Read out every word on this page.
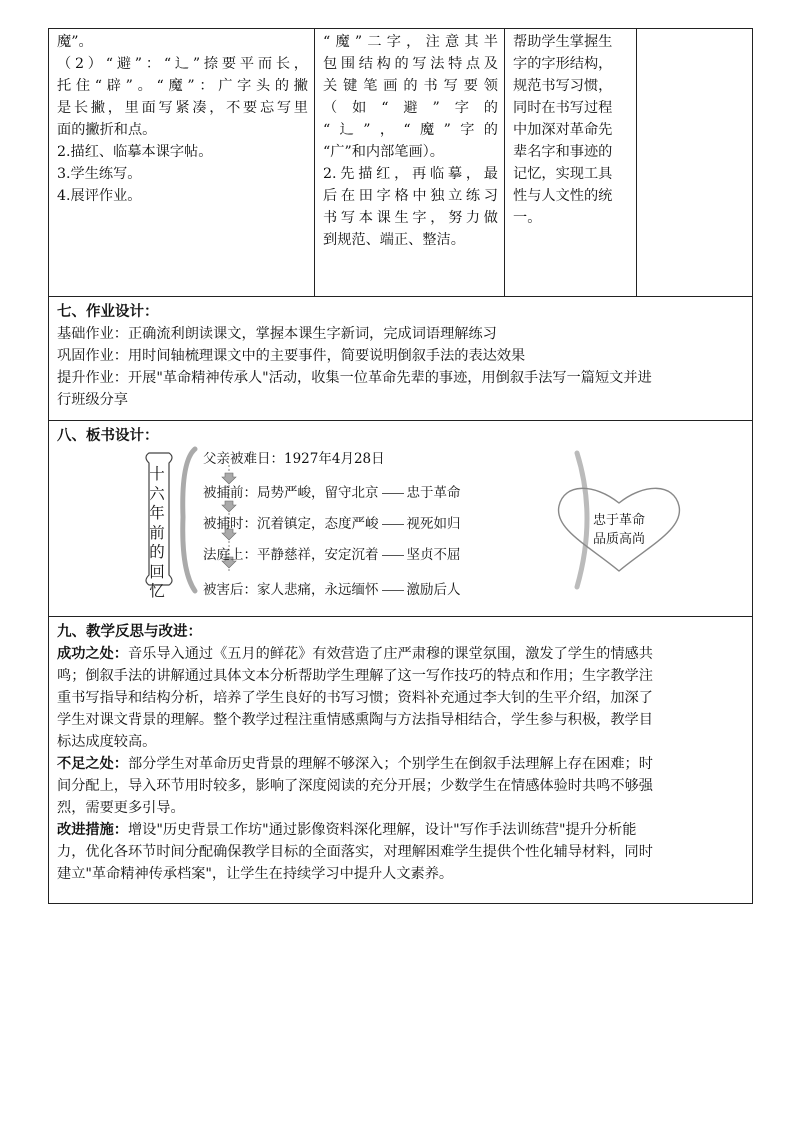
魔”。
（2）“避”：“辶”捺要平而长，
托住“辟”。“魔”：广字头的撇
是长撇，里面写紧凑，不要忘写里
面的撇折和点。
2.描红、临摹本课字帖。
3.学生练写。
4.展评作业。
“魔”二字，注意其半
包围结构的写法特点及
关键笔画的书写要领
（如“避”字的
“辶”，“魔”字的
“广”和内部笔画）。
2.先描红，再临摹，最
后在田字格中独立练习
书写本课生字，努力做
到规范、端正、整洁。
帮助学生掌握生
字的字形结构，
规范书写习惯，
同时在书写过程
中加深对革命先
辈名字和事迹的
记忆，实现工具
性与人文性的统
一。
七、作业设计：
基础作业：正确流利朗读课文，掌握本课生字新词，完成词语理解练习
巩固作业：用时间轴梳理课文中的主要事件，简要说明倒叙手法的表达效果
提升作业：开展"革命精神传承人"活动，收集一位革命先辈的事迹，用倒叙手法写一篇短文并进
行班级分享
八、板书设计：
十
六
年
前
的
回
忆
父亲被难日：1927年4月28日
被捕前：局势严峻，留守北京 忠于革命
被捕时：沉着镇定，态度严峻 视死如归
法庭上：平静慈祥，安定沉着 坚贞不屈
被害后：家人悲痛，永远缅怀 激励后人
忠于革命
品质高尚
九、教学反思与改进：
成功之处：音乐导入通过《五月的鲜花》有效营造了庄严肃穆的课堂氛围，激发了学生的情感共
鸣；倒叙手法的讲解通过具体文本分析帮助学生理解了这一写作技巧的特点和作用；生字教学注
重书写指导和结构分析，培养了学生良好的书写习惯；资料补充通过李大钊的生平介绍，加深了
学生对课文背景的理解。整个教学过程注重情感熏陶与方法指导相结合，学生参与积极，教学目
标达成度较高。
不足之处：部分学生对革命历史背景的理解不够深入；个别学生在倒叙手法理解上存在困难；时
间分配上，导入环节用时较多，影响了深度阅读的充分开展；少数学生在情感体验时共鸣不够强
烈，需要更多引导。
改进措施：增设"历史背景工作坊"通过影像资料深化理解，设计"写作手法训练营"提升分析能
力，优化各环节时间分配确保教学目标的全面落实，对理解困难学生提供个性化辅导材料，同时
建立"革命精神传承档案"，让学生在持续学习中提升人文素养。
